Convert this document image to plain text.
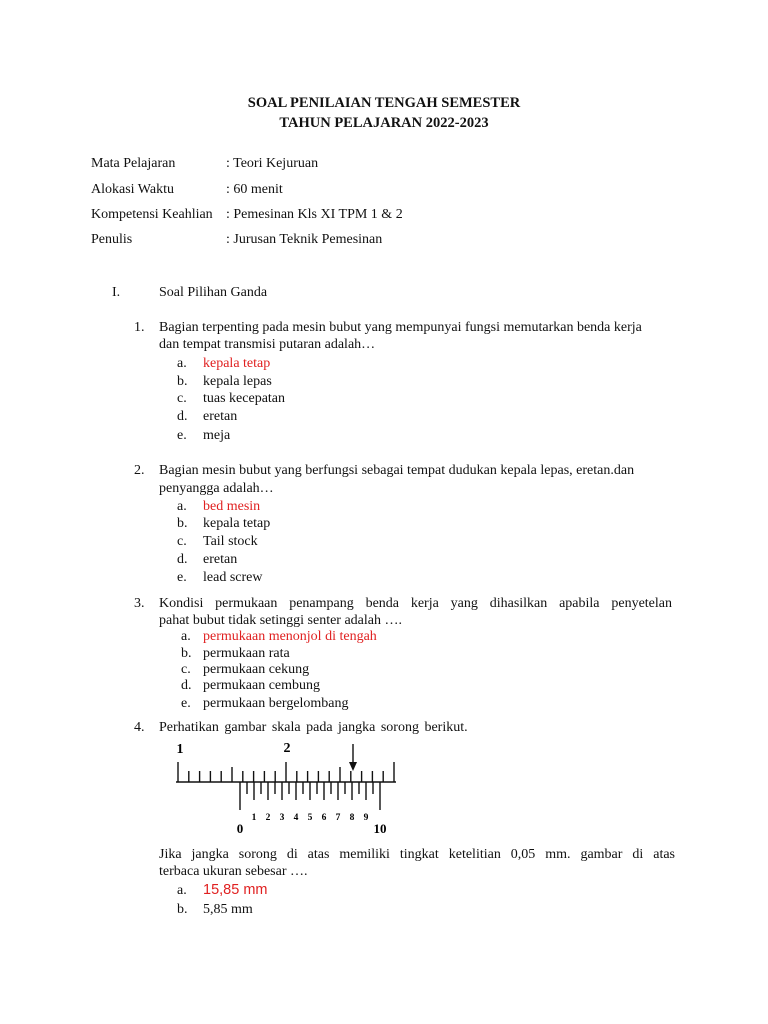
SOAL PENILAIAN TENGAH SEMESTER
TAHUN PELAJARAN 2022-2023
Mata Pelajaran	: Teori Kejuruan
Alokasi Waktu	: 60 menit
Kompetensi Keahlian : Pemesinan Kls XI TPM 1 & 2
Penulis	: Jurusan Teknik Pemesinan
I.	Soal Pilihan Ganda
1. Bagian terpenting pada mesin bubut yang mempunyai fungsi memutarkan benda kerja
dan tempat transmisi putaran adalah…
a. kepala tetap
b. kepala lepas
c. tuas kecepatan
d. eretan
e. meja
2. Bagian mesin bubut yang berfungsi sebagai tempat dudukan kepala lepas, eretan.dan
penyangga adalah…
a. bed mesin
b. kepala tetap
c. Tail stock
d. eretan
e. lead screw
3. Kondisi permukaan penampang benda kerja yang dihasilkan apabila penyetelan
pahat bubut tidak setinggi senter adalah ….
a. permukaan menonjol di tengah
b. permukaan rata
c. permukaan cekung
d. permukaan cembung
e. permukaan bergelombang
4. Perhatikan gambar skala pada jangka sorong berikut.
1	2
0
1 2 3 4 5 6 7 8 9
10
Jika jangka sorong di atas memiliki tingkat ketelitian 0,05 mm. gambar di atas
terbaca ukuran sebesar ….
a. 15,85 mm
b. 5,85 mm
